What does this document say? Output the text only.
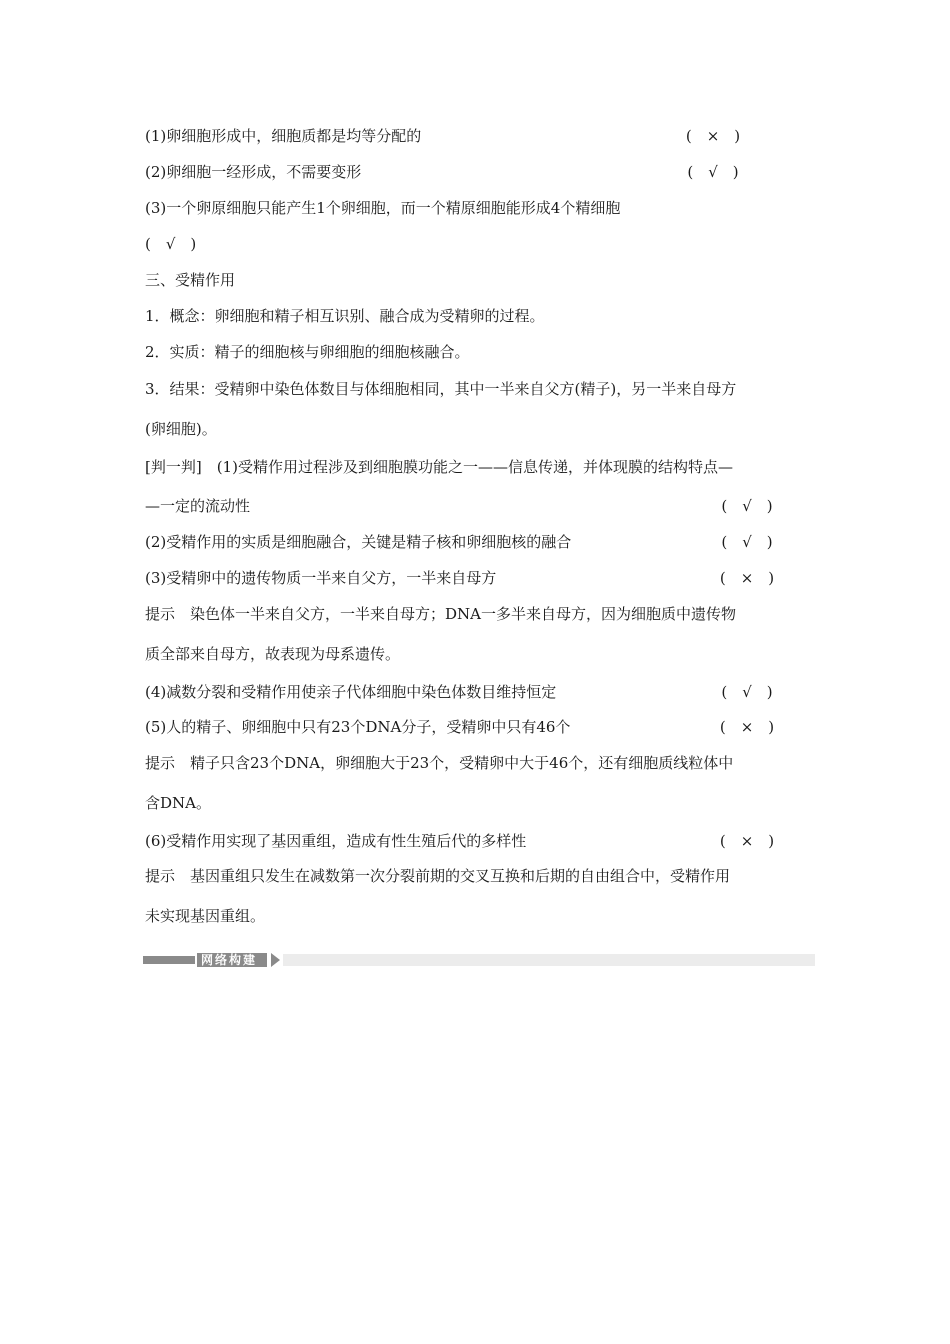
(1)卵细胞形成中，细胞质都是均等分配的	(　×　)
(2)卵细胞一经形成，不需要变形	(　√　)
(3)一个卵原细胞只能产生1个卵细胞，而一个精原细胞能形成4个精细胞
(　√　)
三、受精作用
1．概念：卵细胞和精子相互识别、融合成为受精卵的过程。
2．实质：精子的细胞核与卵细胞的细胞核融合。
3．结果：受精卵中染色体数目与体细胞相同，其中一半来自父方(精子)，另一半来自母方
(卵细胞)。
[判一判]　(1)受精作用过程涉及到细胞膜功能之一——信息传递，并体现膜的结构特点—
—一定的流动性	(　√　)
(2)受精作用的实质是细胞融合，关键是精子核和卵细胞核的融合	(　√　)
(3)受精卵中的遗传物质一半来自父方，一半来自母方	(　×　)
提示　染色体一半来自父方，一半来自母方；DNA一多半来自母方，因为细胞质中遗传物
质全部来自母方，故表现为母系遗传。
(4)减数分裂和受精作用使亲子代体细胞中染色体数目维持恒定	(　√　)
(5)人的精子、卵细胞中只有23个DNA分子，受精卵中只有46个	(　×　)
提示　精子只含23个DNA，卵细胞大于23个，受精卵中大于46个，还有细胞质线粒体中
含DNA。
(6)受精作用实现了基因重组，造成有性生殖后代的多样性	(　×　)
提示　基因重组只发生在减数第一次分裂前期的交叉互换和后期的自由组合中，受精作用
未实现基因重组。
网络构建
